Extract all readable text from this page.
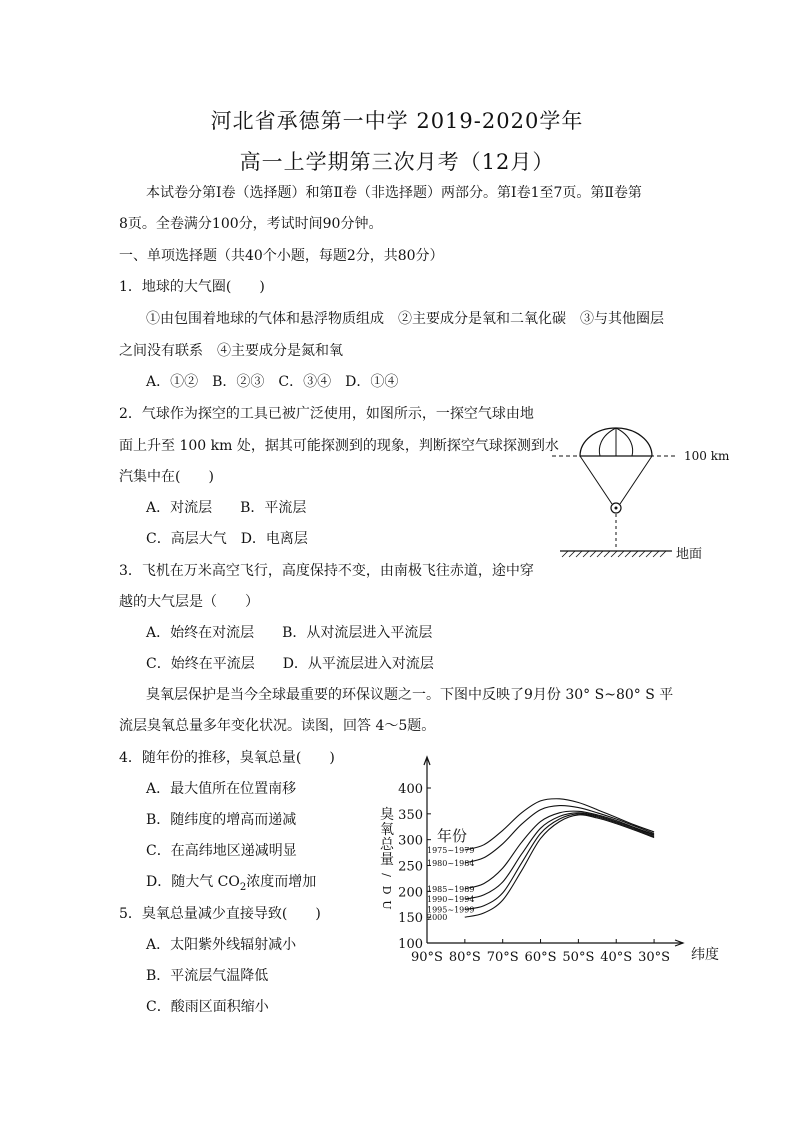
河北省承德第一中学 2019-2020学年
高一上学期第三次月考（12月）
本试卷分第Ⅰ卷（选择题）和第Ⅱ卷（非选择题）两部分。第Ⅰ卷1至7页。第Ⅱ卷第
8页。全卷满分100分，考试时间90分钟。
一、单项选择题（共40个小题，每题2分，共80分）
1．地球的大气圈(　　)
①由包围着地球的气体和悬浮物质组成　②主要成分是氧和二氧化碳　③与其他圈层
之间没有联系　④主要成分是氮和氧
A．①②　B．②③　C．③④　D．①④
2．气球作为探空的工具已被广泛使用，如图所示，一探空气球由地
面上升至 100 km 处，据其可能探测到的现象，判断探空气球探测到水
汽集中在(　　)
A．对流层　　B．平流层
C．高层大气　D．电离层
100 km
地面
3．飞机在万米高空飞行，高度保持不变，由南极飞往赤道，途中穿
越的大气层是（　　）
A．始终在对流层　　B．从对流层进入平流层
C．始终在平流层　　D．从平流层进入对流层
臭氧层保护是当今全球最重要的环保议题之一。下图中反映了9月份 30° S~80° S 平
流层臭氧总量多年变化状况。读图，回答 4～5题。
4．随年份的推移，臭氧总量(　　)
A．最大值所在位置南移
B．随纬度的增高而递减
C．在高纬地区递减明显
D．随大气 $CO_2$浓度而增加
5．臭氧总量减少直接导致(　　)
A．太阳紫外线辐射减小
B．平流层气温降低
C．酸雨区面积缩小
100
150
200
250
300
350
400
90°S 80°S 70°S 60°S 50°S 40°S 30°S 纬度
臭
氧
总
量
/
D
U
年份
1975~1979
1980~1984
1985~1989
1990~1994
1995~1999
2000
